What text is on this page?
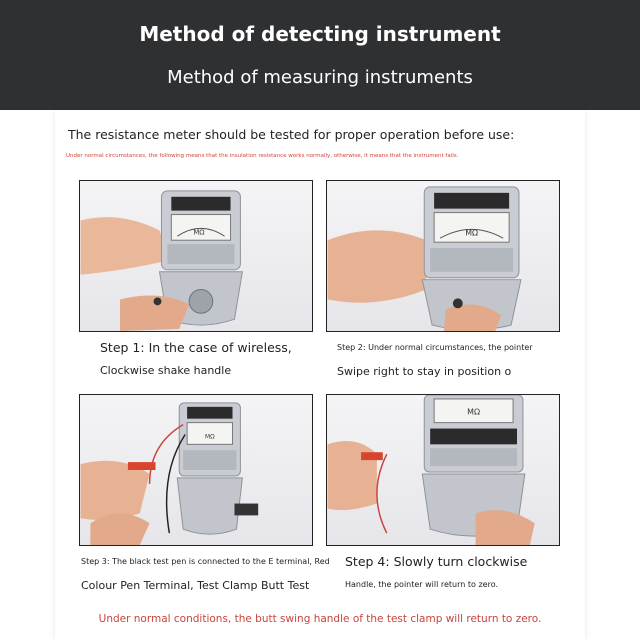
Method of detecting instrument
Method of measuring instruments
The resistance meter should be tested for proper operation before use:
Under normal circumstances, the following means that the insulation resistance works normally, otherwise, it means that the instrument fails.
MΩ	MΩ
Step 1: In the case of wireless,
Clockwise shake handle
Step 2: Under normal circumstances, the pointer
Swipe right to stay in position o
MΩ
MΩ
Step 3: The black test pen is connected to the E terminal, Red
Colour Pen Terminal, Test Clamp Butt Test
Step 4: Slowly turn clockwise
Handle, the pointer will return to zero.
Under normal conditions, the butt swing handle of the test clamp will return to zero.
